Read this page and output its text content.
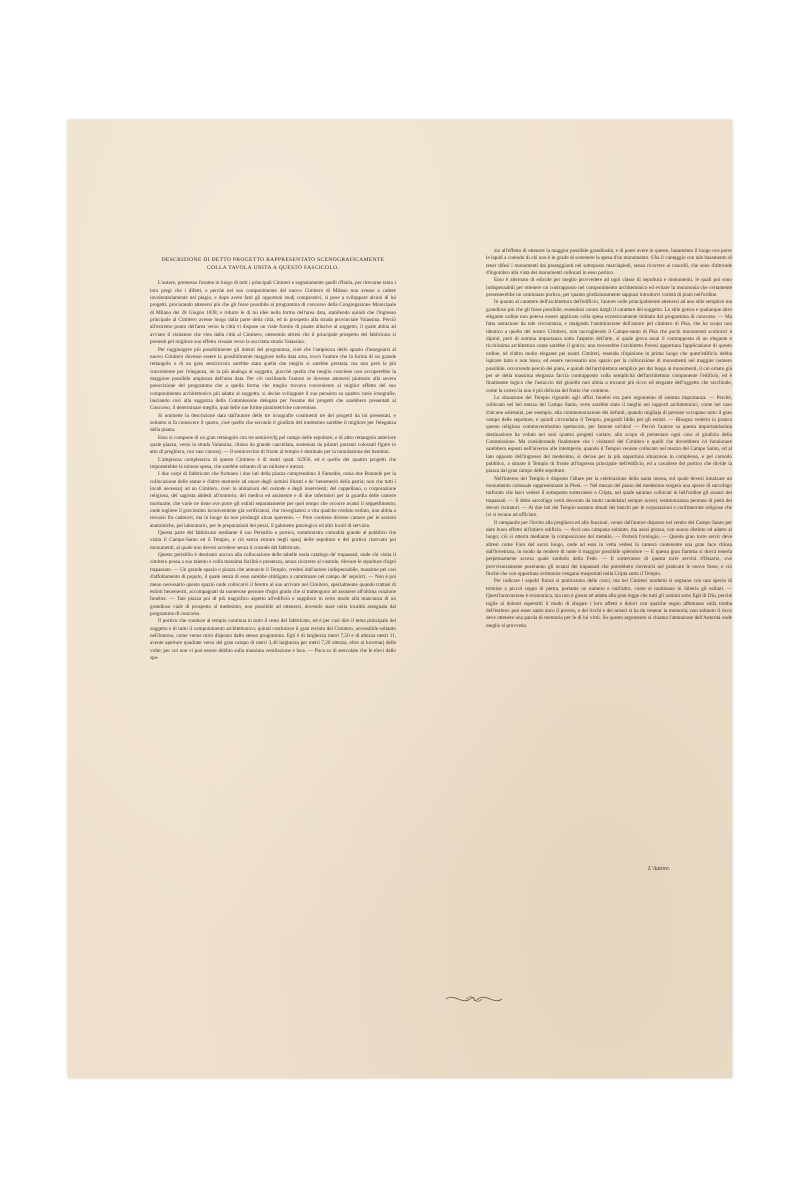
DESCRIZIONE DI DETTO PROGETTO RAPPRESENTATO SCENOGRAFICAMENTE
COLLA TAVOLA UNITA A QUESTO FASCICOLO.

L'autore, premesso l'esame in luogo di tutti i principali Cimiteri e segnatamente quelli d'Italia, per ritevarne tanto i loro pregi che i difetti, e perchè nel suo componimento del nuovo Cimitero di Milano non avesse a cadere involontariamente nel plagio, e dopo avere fatti gli opportuni studj comparativi, si pose a sviluppare alcuni di lui progetti, procurando attenersi più che gli fosse possibile al programma di concorso della Congregazione Municipale di Milano del 28 Giugno 1838; e ridurre le di lui idee nella forma dell'area data, stabilendo quindi che l'ingresso principale al Cimitero avesse luogo dalla parte della città, ed in prospetto alla strada provinciale Valassina. Perciò all'estremo punto dell'area verso la città vi dispose un viale fornito di piante allusive al soggetto, il quale abbia ad avviare il visitatore che vien dalla città al Cimitero; ottenendo altresì che il principale prospetto del fabbricato si presenti pel migliore suo effetto visuale verso la succitata strada Valassina.

Per raggiungere più possibilmente gli intenti del programma, cioè che l'ampiezza dello spazio d'assegnarsi al nuovo Cimitero dovesse essere la possibilmente maggiore nella data area, trovò l'autore che la forma di un grande rettangolo o di un gran semicircolo sarebbe stata quella che meglio si sarebbe prestata, ma non però la più conveniente per l'eleganza, nè la più analoga al soggetto, giacchè quella che meglio conviene non occuperebbe la maggiore possibile ampiezza dell'area data. Per ciò oscillando l'autore se dovesse attenersi piuttosto alla severa prescrizione del programma che a quella forma che meglio trovava conveniente al miglior effetto del suo componimento architettonico più adatto al soggetto, si decise sviluppare il suo pensiero su quattro varie icnografie, lasciando così alla saggezza della Commissione delegata per l'esame dei progetti che sarebbero presentati al Concorso, il determinare meglio, qual delle sue forme planimetriche convenisse.

Si ommette la descrizione data dall'autore delle tre icnografie costituenti tre dei progetti da lui presentati, e soltanto si fa conoscere il quarto, cioè quello che secondo il giudizio del medesimo sarebbe il migliore per l'eleganza della pianta.

Esso si compone di un gran rettangolo con tre semicerchj pel campo delle sepolture, e di altro rettangolo anteriore quale piazza, verso la strada Valassina, chiuso da grande cancellata, sostenuta da pilastri portanti colossali figure in atto di preghiera, con vasi cinerarj. — Il semicerchio di fronte al tempio è destinato per la tumulazione dei bambini.

L'ampiezza complessiva di questo Cimitero è di metri quad. 62956, ed è quello dei quattro progetti che importerebbe la minore spesa, che sarebbe soltanto di un milione e mezzo.

I due corpi di fabbricato che formano i due lati della piazza comprendono il Famedio, ossia due Rotonde per la collocazione delle statue e d'altre memorie ad onore degli uomini illustri e de' benemeriti della patria; non che tutti i locali necessarj ad un Cimitero, cioè: le abitazioni del custode e degli inservienti; del cappellano, o corporazione religiosa, del sagrista addetti all'oratorio; del medico ed assistente e di due infermieri per la guardia delle camere mortuarie, che varie ne tiene ove porre gli estinti separatamente per quel tempo che occorre avanti il seppellimento; onde togliere il gravissimo inconveniente già verificatosi, che risvegliatosi a vita qualche creduto estinto, non abbia a trovarsi fra cadaveri, ma in luogo da non produrgli alcun spavento. — Pure contiene diverse camere per le sezioni anatomiche, pel laboratorio, per le preparazioni dei pezzi, il gabinetto patologico ed altri locali di servizio.

Questa parte del fabbricato mediante il suo Peristilio o portico, somministra comodità grande al pubblico che visita il Campo-Santo ed il Tempio, e ciò senza entrare negli spazj delle sepolture e del portico riservato pei monumenti, al quale non devesi accedere senza il custode del fabbricato.

Questo peristilio è destinato ancora alla collocazione delle tabelle ossia catalogo de' trapassati, onde chi visita il cimitero possa a suo talento e colla massima facilità e prestezza, senza ricorrere al custode, rilevare le sepolture d'ogni trapassato. — Un grande spazio o piazza che annuncie il Tempio, credesi dall'autore indispensabile, massime pei casi d'affollamento di popolo, il quale senza di esso sarebbe obbligato a camminare nel campo de' sepolcri. — Non è poi meno necessario questo spazio onde collocarvi il feretro al suo arrivare nel Cimitero, specialmente quando trattasi di estinti benemeriti, accompagnati da numerose persone d'ogni grado che si trattengono ad assistere all'ultima orazione funebre. — Tale piazza poi di più magnifico aspetto all'edificio e supplisce in certo modo alla mancanza di un grandioso viale di prospetto al medesimo, non possibile ad ottenersi, dovendo stare nella località assegnata dal programma di concorso.

Il portico che conduce al tempio continua in tutto il resto del fabbricato, ed è per così dire il tema principale del soggetto e di tutto il componimento architettonico; quindi costituisce il gran recinto del Cimitero, accessibile soltanto nell'interno, come venne miro disposto dallo stesso programma. Egli è di larghezza metri 7,50 e di altezza metri 11, avente aperture quadrate verso del gran campo di metri 3,40 larghezza per metri 7,20 altezza, oltre ai lucernarj delle volte; per cui non vi può essere dubbio sulla massima ventilazione e luce. — Poca su di stercolate che le elevi dallo spa-

zio all'effetto di ottenere la maggior possibile grandiosità, e di poter avere in questo, basamento il luogo ove porre le lapidi a comodo di chi non è in grado di sostenere la spesa d'un monumento. S'ha il vantaggio con tale basamento di tener difesi i monumenti dai passeggianti nel sottoposto marciapiedi, senza ricorrere ai cancelli, che sono d'altronde d'ingombro alla vista dei monumenti collocati in esso portico.

Esso è alternato di edicole per meglio provvedere ad ogni classe di sepoltura e monumenti, le quali poi sono indispensabili per ottenere un contrapposto nel componimento architettonico ed evitare la monotonia che certamente presenterebbe un continuato portico, per quanto giudiziosamente sappiasi introdurvi varietà di piani nell'ordine.

In quanto al carattere dell'architettura dell'edificio, l'autore volle principalmente attenersi ad uno stile semplice ma grandioso più che gli fosse possibile, essendosi curato dargli il carattere del soggetto. Lo stile gotico e qualunque altro elegante ordine non poteva essere applicato colla spesa eccessivamente limitata dal programma di concorso. — Ma fatta astrazione da tale circostanza, e malgrado l'ammirazione dell'autore pel cimitero di Pisa, che ha scopo non identico a quello del nostro Cimitero, non raccogliendo il Campo-santo di Pisa che pochi monumenti scultorici e dipinti, però di somma importanza sotto l'aspetto dell'arte, si quale giova assai il contrapposto di un elegante e ricchissima architettura come sarebbe il gotico; non troverebbe l'architetto Pavesi opportuna l'applicazione di questo ordine, nè d'altro molto elegante pei nostri Cimiteri, essendo d'opinione in primo luogo che quest'edificio debba ispirare lutto e non lusso, ed essere necessario uno spazio per la collocazione di monumenti nel maggior numero possibile, occorrendo perciò dei piani, e quindi dell'architettura semplice per dar luogo ai monumenti, il cui ornato già per sè della massima eleganza faccia contrapposto colla semplicità dell'architettura componente l'edificio, ed è finalmente logico che l'astuccio del gioiello non abbia a trovarsi più ricco ed elegante dell'oggetto che racchiude, come la corteccia non è più delicata del frutto che contiene.

La situazione del Tempio riguardo agli uffici funebri era pure argomento di somma importanza. — Perchè, collocato nel bel mezzo del Campo Santo, certo sarebbe stato il meglio nei rapporti architettonici, come nel caso d'alcune solennità, per esempio, alla commemorazione dei defunti, quando migliaja di persone occupano tutto il gran campo delle sepolture, e quindi circondano il Tempio, pregandi Iddio per gli estinti. — Bisogna vederlo in pratica questo religioso commoventissimo spettacolo, per farsene un'idea! — Perciò l'autore su questa importantissima destinazione ha voluto nei suoi quattro progetti variare, allo scopo di presentare ogni caso al giudizio della Commissione. Ma considerando finalmente che i visitatori del Cimitero e quelli che dovrebbero ivi funzionare sarebbero esposti nell'inverno alle intemperie, quando il Tempio venisse collocato nel mezzo del Campo Santo, od al lato opposto dell'ingresso del medesimo, si decise per la più opportuna situazione in complesso, e pel comodo pubblico, a situare il Tempio di fronte all'ingresso principale dell'edificio, ed a cavaliere del portico che divide la piazza dal gran campo delle sepolture.

Nell'interno del Tempio è disposto l'altare per la celebrazione della santa messa, sul quale devesi innalzare un monumento colossale rappresentante la Pietà. — Nel mezzo del piano del medesimo sorgerà una specie di sarcofago traforato che lasci vedere il sottoposto sotterraneo o Cripta, nel quale saranno collocati in bell'ordine gli avanzi dei trapassati. — Il detto sarcofago verrà decorato da molti candelabri sempre accesi, testimonianza perenne di pietà dei devoti visitatori. — Ai due lati del Tempio saranno situati dei banchi per le corporazioni e confraternite religiose che ivi si recano ad ufficiare.

Il campanile per l'invito alla preghiera ed alle funzioni, venne dall'autore disposto nel centro del Campo Santo per dare buon effetto all'intiero edificio. — Avrà una campana soltanto, ma assai grossa, con suono distinto ed adatto al luogo; ciò si otterrà mediante la composizione del metallo. — Porterà l'orologio. — Questa gran torre servir deve altresì come Faro del sacro luogo, onde ad essa in vetta vedesi la camera contenente una gran face chiusa dall'invetriata, in modo da rendere di notte il maggior possibile splendore — E questa gran fiamma si dovrà tenerla perpetuamente accesa quale simbolo della Fede. — Il sotterraneo di questa torre servirà d'Ossario, ove provvisoriamente poseranno gli avanzi dei trapassati che potrebbero rinvenirsi nel praticare le nuove fosse, e ciò finchè che con opportuna cerimonia vengano trasportati nella Cripta sotto il Tempio.

Per indicare i sepolti finora si praticarono delle croci, ma nei Cimiteri moderni si segnano con una specie di termine o piccol ceppo di pietra, portante un numero e null'altro, come si nominano in Siberia gli esiliati. — Quest'innovazione è economica, ma non è giusta nè adatta alla gran legge che tutti gli uomini sono figli di Dio, perchè toglie ai dolenti superstiti il modo di sfogare i loro affetti e dolori con qualche segno affettuoso sulla tomba dell'estinto: può esser santo anco il povero, e dei ricchi e dei miseri si ha da venerar la memoria; non soltanto il ricco deve ottenere una parola di memoria per le di lui virtù. Su questo argomento si chiama l'attenzione dell'Autorità onde meglio si provveda.

L'Autore.
